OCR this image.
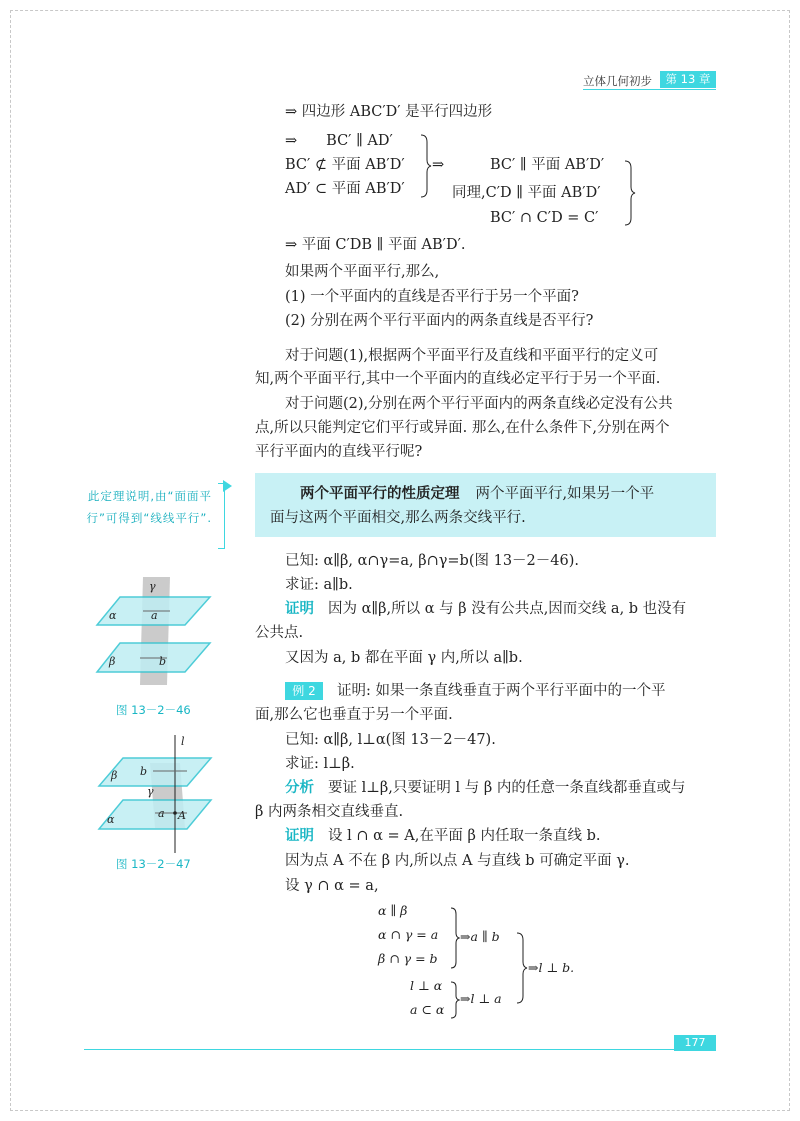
立体几何初步	第 13 章
⇒ 四边形 ABC′D′ 是平行四边形
⇒　　BC′ ∥ AD′
BC′ ⊄ 平面 AB′D′
AD′ ⊂ 平面 AB′D′
⇒	BC′ ∥ 平面 AB′D′
同理,C′D ∥ 平面 AB′D′
BC′ ∩ C′D = C′
⇒ 平面 C′DB ∥ 平面 AB′D′.
如果两个平面平行,那么,
(1) 一个平面内的直线是否平行于另一个平面?
(2) 分别在两个平行平面内的两条直线是否平行?
对于问题(1),根据两个平面平行及直线和平面平行的定义可
知,两个平面平行,其中一个平面内的直线必定平行于另一个平面.
对于问题(2),分别在两个平行平面内的两条直线必定没有公共
点,所以只能判定它们平行或异面. 那么,在什么条件下,分别在两个
平行平面内的直线平行呢?
此定理说明,由“面面平行”可得到“线线平行”.
两个平面平行的性质定理 两个平面平行,如果另一个平
面与这两个平面相交,那么两条交线平行.
已知: α∥β, α∩γ=a, β∩γ=b(图 13－2－46).
求证: a∥b.
证明 因为 α∥β,所以 α 与 β 没有公共点,因而交线 a, b 也没有
公共点.
又因为 a, b 都在平面 γ 内,所以 a∥b.
例 2	证明: 如果一条直线垂直于两个平行平面中的一个平
面,那么它也垂直于另一个平面.
已知: α∥β, l⊥α(图 13－2－47).
求证: l⊥β.
分析 要证 l⊥β,只要证明 l 与 β 内的任意一条直线都垂直或与
β 内两条相交直线垂直.
证明 设 l ∩ α = A,在平面 β 内任取一条直线 b.
因为点 A 不在 β 内,所以点 A 与直线 b 可确定平面 γ.
设 γ ∩ α = a,
α ∥ β
α ∩ γ = a
β ∩ γ = b
⇒a ∥ b
l ⊥ α
a ⊂ α
⇒l ⊥ a
⇒l ⊥ b.
γ
α	a
β	b
图 13－2－46
l
β b
γ
α	a A
图 13－2－47
177
